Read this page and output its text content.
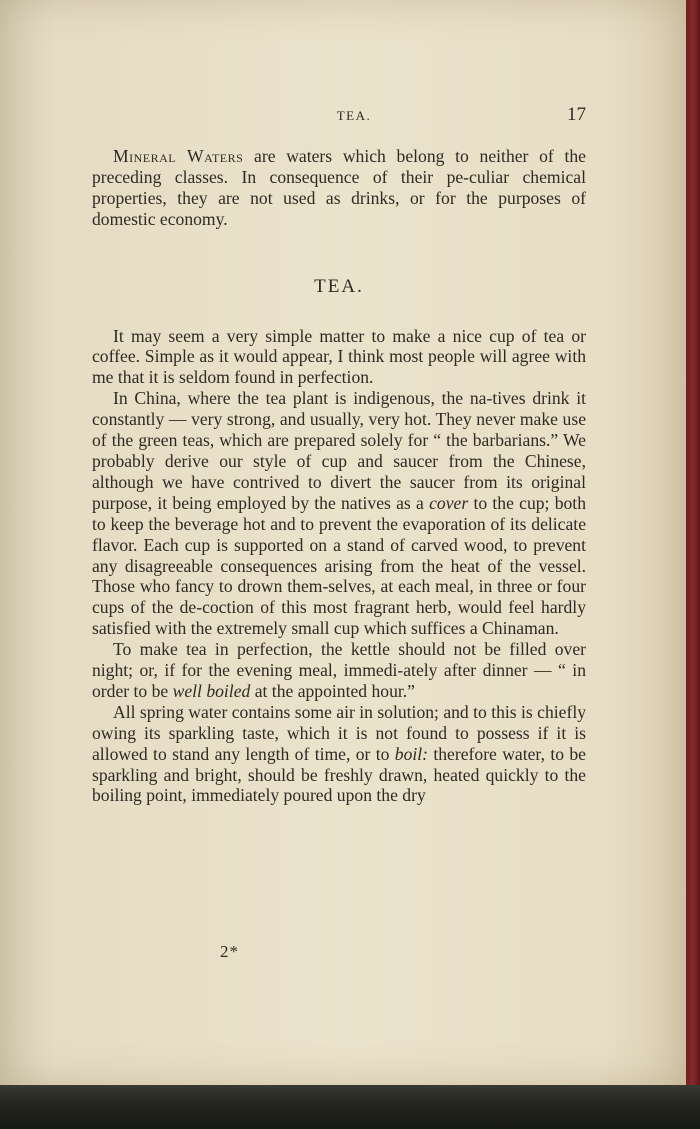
TEA.	17

Mineral Waters are waters which belong to neither of the preceding classes. In consequence of their pe-culiar chemical properties, they are not used as drinks, or for the purposes of domestic economy.

TEA.

It may seem a very simple matter to make a nice cup of tea or coffee. Simple as it would appear, I think most people will agree with me that it is seldom found in perfection.

In China, where the tea plant is indigenous, the na-tives drink it constantly — very strong, and usually, very hot. They never make use of the green teas, which are prepared solely for “ the barbarians.” We probably derive our style of cup and saucer from the Chinese, although we have contrived to divert the saucer from its original purpose, it being employed by the natives as a cover to the cup; both to keep the beverage hot and to prevent the evaporation of its delicate flavor. Each cup is supported on a stand of carved wood, to prevent any disagreeable consequences arising from the heat of the vessel. Those who fancy to drown them-selves, at each meal, in three or four cups of the de-coction of this most fragrant herb, would feel hardly satisfied with the extremely small cup which suffices a Chinaman.

To make tea in perfection, the kettle should not be filled over night; or, if for the evening meal, immedi-ately after dinner — “ in order to be well boiled at the appointed hour.”

All spring water contains some air in solution; and to this is chiefly owing its sparkling taste, which it is not found to possess if it is allowed to stand any length of time, or to boil: therefore water, to be sparkling and bright, should be freshly drawn, heated quickly to the boiling point, immediately poured upon the dry

2*
